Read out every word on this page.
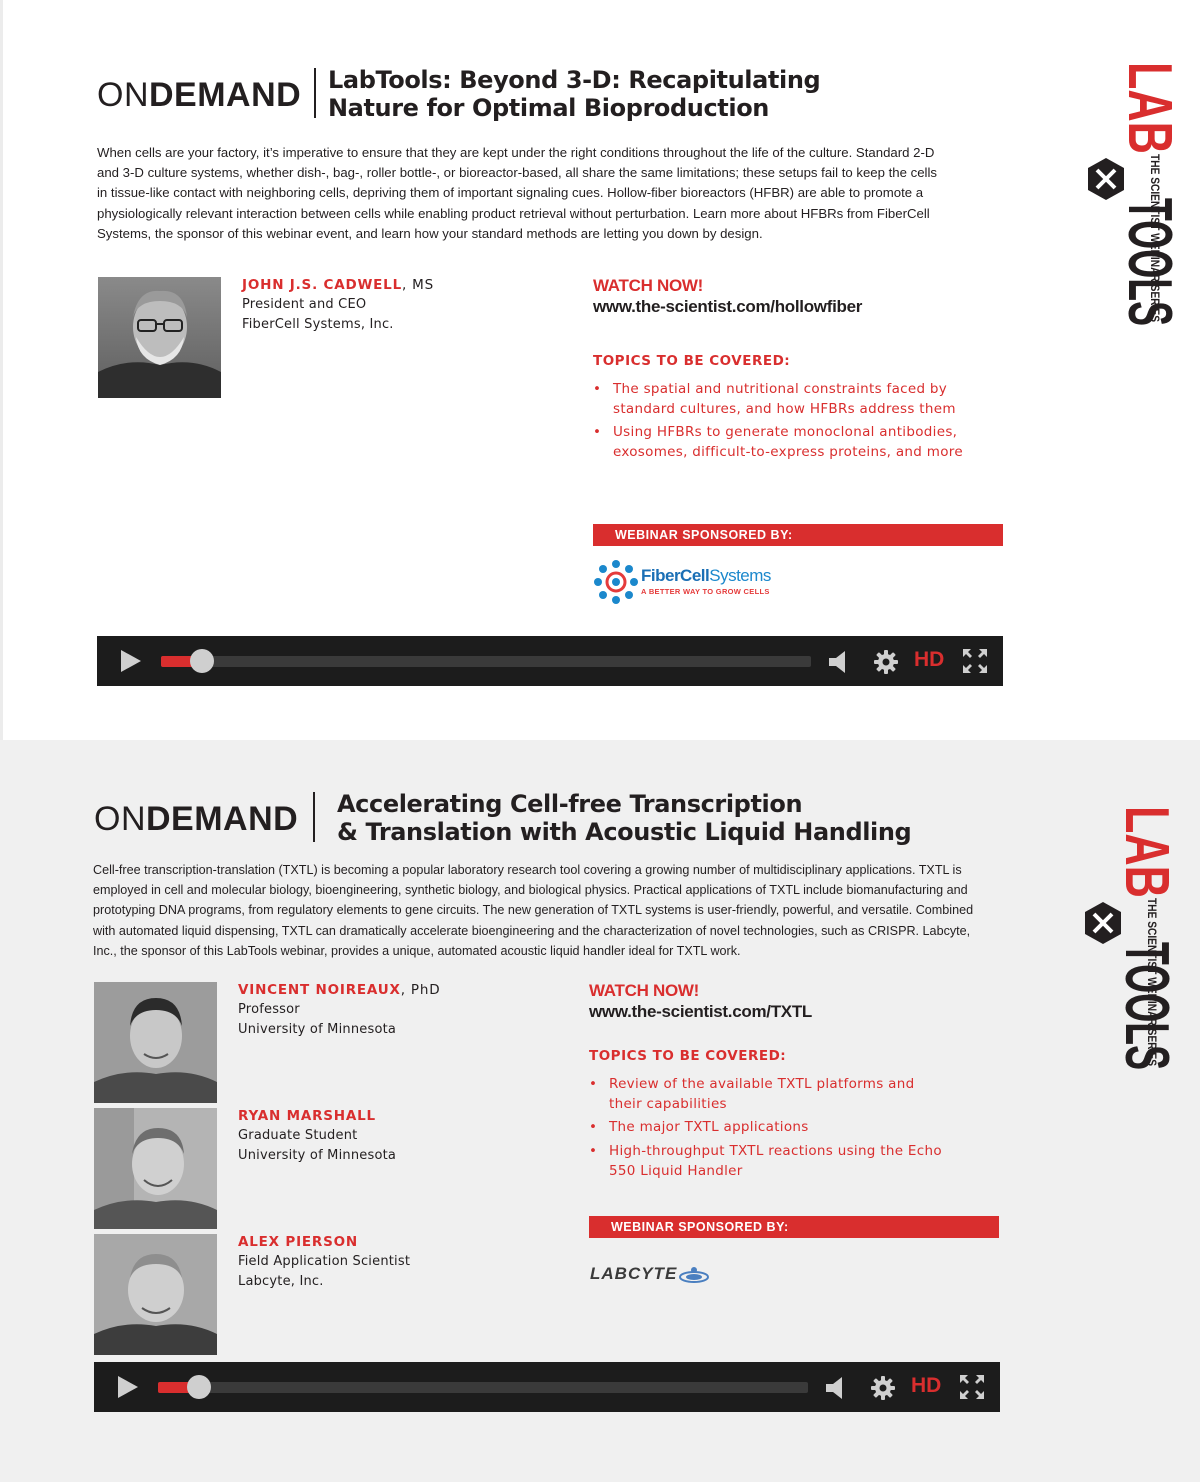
ONDEMAND LabTools: Beyond 3-D: Recapitulating
Nature for Optimal Bioproduction
When cells are your factory, it’s imperative to ensure that they are kept under the right conditions throughout the life of the culture. Standard 2-D
and 3-D culture systems, whether dish-, bag-, roller bottle-, or bioreactor-based, all share the same limitations; these setups fail to keep the cells
in tissue-like contact with neighboring cells, depriving them of important signaling cues. Hollow-fiber bioreactors (HFBR) are able to promote a
physiologically relevant interaction between cells while enabling product retrieval without perturbation. Learn more about HFBRs from FiberCell
Systems, the sponsor of this webinar event, and learn how your standard methods are letting you down by design.
JOHN J.S. CADWELL, MS
President and CEO
FiberCell Systems, Inc.
WATCH NOW!
www.the-scientist.com/hollowfiber
TOPICS TO BE COVERED:
• The spatial and nutritional constraints faced by
standard cultures, and how HFBRs address them
• Using HFBRs to generate monoclonal antibodies,
exosomes, difficult-to-express proteins, and more
WEBINAR SPONSORED BY:
FiberCellSystems
A BETTER WAY TO GROW CELLS
HD
LAB
TOO
THE SCIENTIST WEBINAR SERIES
ONDEMAND Accelerating Cell-free Transcription
& Translation with Acoustic Liquid Handling
Cell-free transcription-translation (TXTL) is becoming a popular laboratory research tool covering a growing number of multidisciplinary applications. TXTL is
employed in cell and molecular biology, bioengineering, synthetic biology, and biological physics. Practical applications of TXTL include biomanufacturing and
prototyping DNA programs, from regulatory elements to gene circuits. The new generation of TXTL systems is user-friendly, powerful, and versatile. Combined
with automated liquid dispensing, TXTL can dramatically accelerate bioengineering and the characterization of novel technologies, such as CRISPR. Labcyte,
Inc., the sponsor of this LabTools webinar, provides a unique, automated acoustic liquid handler ideal for TXTL work.
VINCENT NOIREAUX, PhD
Professor
University of Minnesota
RYAN MARSHALL
Graduate Student
University of Minnesota
ALEX PIERSON
Field Application Scientist
Labcyte, Inc.
WATCH NOW!
www.the-scientist.com/TXTL
TOPICS TO BE COVERED:
• Review of the available TXTL platforms and
their capabilities
• The major TXTL applications
• High-throughput TXTL reactions using the Echo
550 Liquid Handler
WEBINAR SPONSORED BY:
LABCYTE
HD
LAB
TOO
THE SCIENTIST WEBINAR SERIES
